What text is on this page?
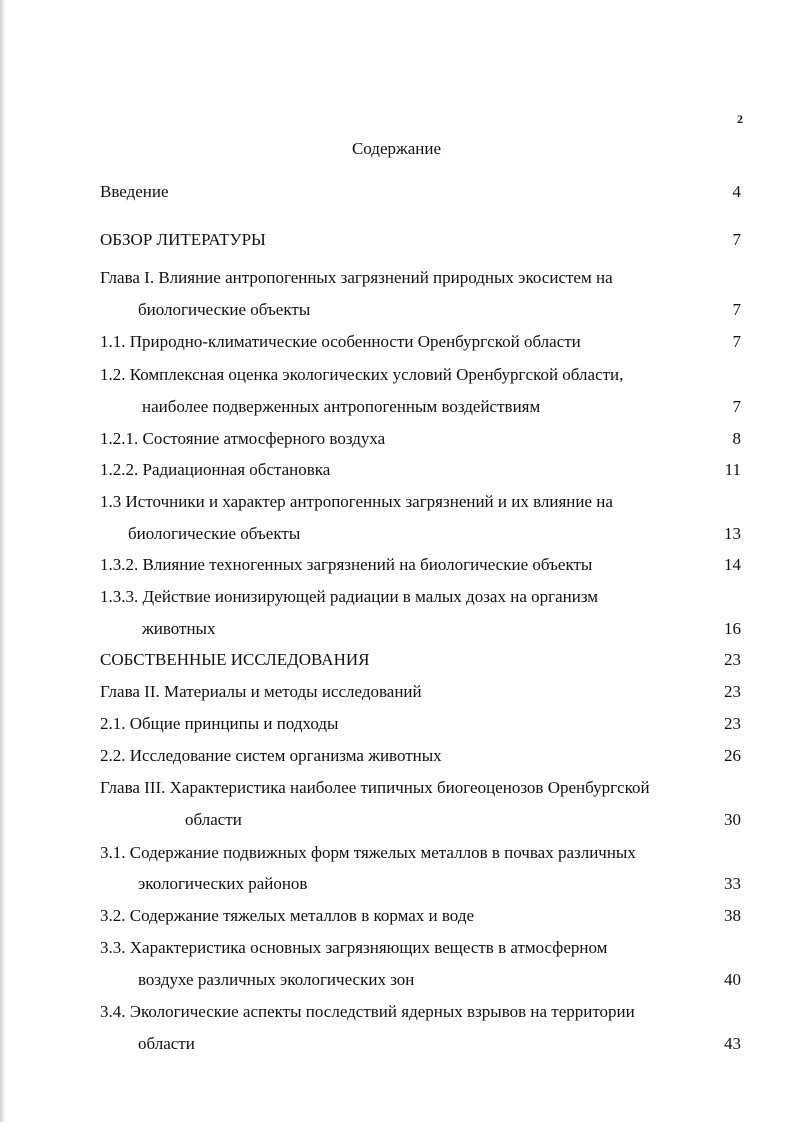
2
Содержание
Введение	4
ОБЗОР ЛИТЕРАТУРЫ	7
Глава I. Влияние антропогенных загрязнений природных экосистем на
биологические объекты	7
1.1. Природно-климатические особенности Оренбургской области	7
1.2. Комплексная оценка экологических условий Оренбургской области,
наиболее подверженных антропогенным воздействиям	7
1.2.1. Состояние атмосферного воздуха	8
1.2.2. Радиационная обстановка	11
1.3 Источники и характер антропогенных загрязнений и их влияние на
биологические объекты	13
1.3.2. Влияние техногенных загрязнений на биологические объекты	14
1.3.3. Действие ионизирующей радиации в малых дозах на организм
животных	16
СОБСТВЕННЫЕ ИССЛЕДОВАНИЯ	23
Глава II. Материалы и методы исследований	23
2.1. Общие принципы и подходы	23
2.2. Исследование систем организма животных	26
Глава III. Характеристика наиболее типичных биогеоценозов Оренбургской
области	30
3.1. Содержание подвижных форм тяжелых металлов в почвах различных
экологических районов	33
3.2. Содержание тяжелых металлов в кормах и воде	38
3.3. Характеристика основных загрязняющих веществ в атмосферном
воздухе различных экологических зон	40
3.4. Экологические аспекты последствий ядерных взрывов на территории
области	43
